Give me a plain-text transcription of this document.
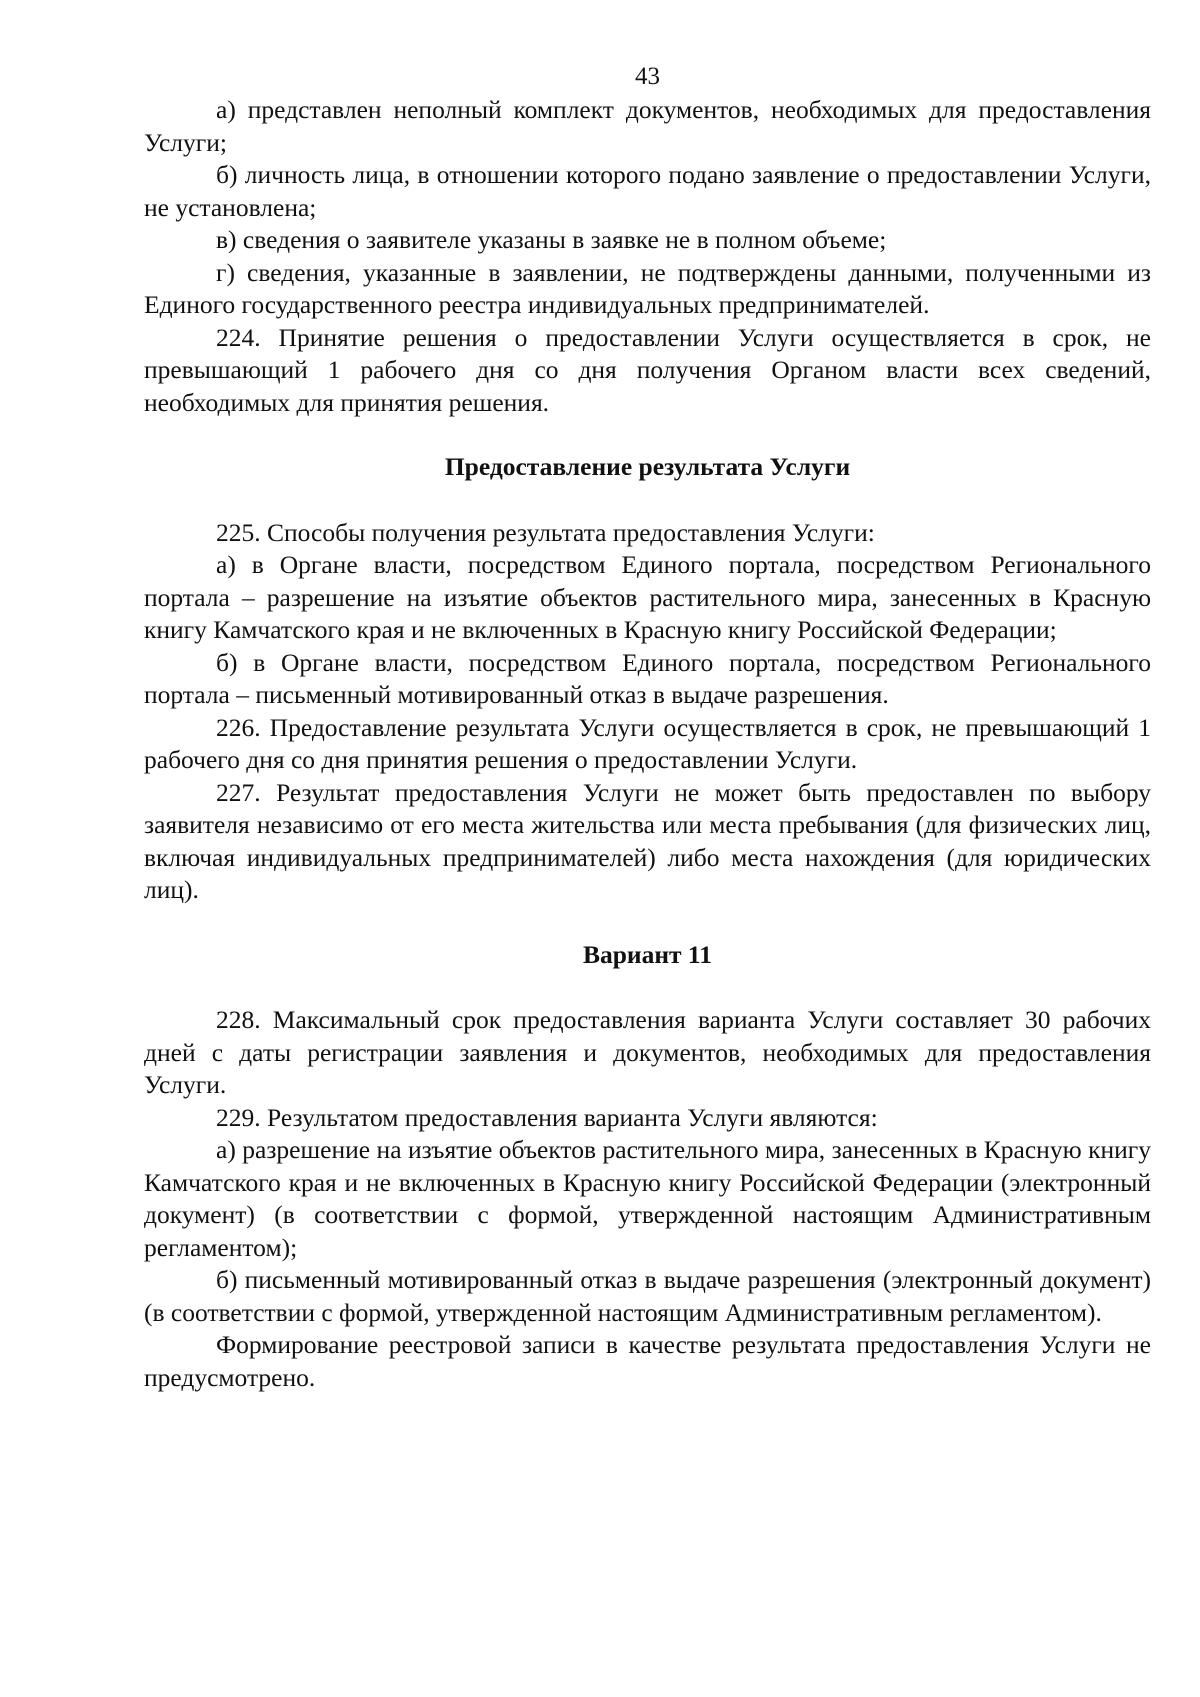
43

а) представлен неполный комплект документов, необходимых для предоставления Услуги;

б) личность лица, в отношении которого подано заявление о предоставлении Услуги, не установлена;

в) сведения о заявителе указаны в заявке не в полном объеме;

г) сведения, указанные в заявлении, не подтверждены данными, полученными из Единого государственного реестра индивидуальных предпринимателей.

224. Принятие решения о предоставлении Услуги осуществляется в срок, не превышающий 1 рабочего дня со дня получения Органом власти всех сведений, необходимых для принятия решения.

Предоставление результата Услуги

225. Способы получения результата предоставления Услуги:

а) в Органе власти, посредством Единого портала, посредством Регионального портала – разрешение на изъятие объектов растительного мира, занесенных в Красную книгу Камчатского края и не включенных в Красную книгу Российской Федерации;

б) в Органе власти, посредством Единого портала, посредством Регионального портала – письменный мотивированный отказ в выдаче разрешения.

226. Предоставление результата Услуги осуществляется в срок, не превышающий 1 рабочего дня со дня принятия решения о предоставлении Услуги.

227. Результат предоставления Услуги не может быть предоставлен по выбору заявителя независимо от его места жительства или места пребывания (для физических лиц, включая индивидуальных предпринимателей) либо места нахождения (для юридических лиц).

Вариант 11

228. Максимальный срок предоставления варианта Услуги составляет 30 рабочих дней с даты регистрации заявления и документов, необходимых для предоставления Услуги.

229. Результатом предоставления варианта Услуги являются:

а) разрешение на изъятие объектов растительного мира, занесенных в Красную книгу Камчатского края и не включенных в Красную книгу Российской Федерации (электронный документ) (в соответствии с формой, утвержденной настоящим Административным регламентом);

б) письменный мотивированный отказ в выдаче разрешения (электронный документ) (в соответствии с формой, утвержденной настоящим Административным регламентом).

Формирование реестровой записи в качестве результата предоставления Услуги не предусмотрено.
